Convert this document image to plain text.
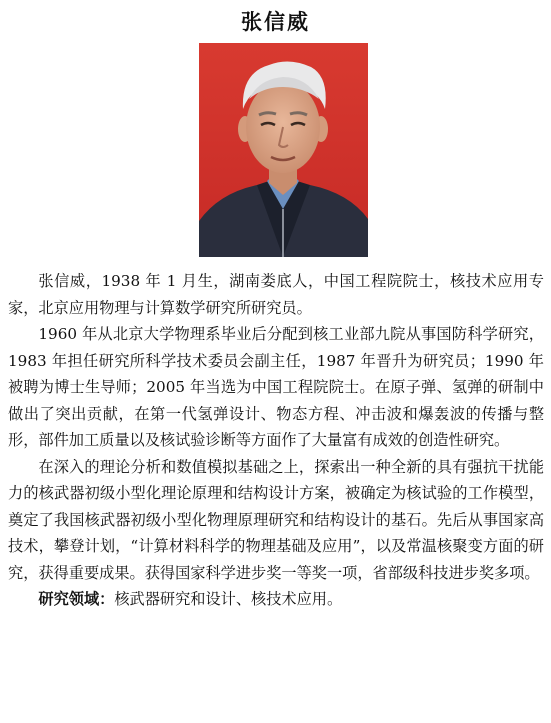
张信威

张信威，1938 年 1 月生，湖南娄底人，中国工程院院士，核技术应用专家，北京应用物理与计算数学研究所研究员。

1960 年从北京大学物理系毕业后分配到核工业部九院从事国防科学研究，1983 年担任研究所科学技术委员会副主任，1987 年晋升为研究员；1990 年被聘为博士生导师；2005 年当选为中国工程院院士。在原子弹、氢弹的研制中做出了突出贡献，在第一代氢弹设计、物态方程、冲击波和爆轰波的传播与整形，部件加工质量以及核试验诊断等方面作了大量富有成效的创造性研究。

在深入的理论分析和数值模拟基础之上，探索出一种全新的具有强抗干扰能力的核武器初级小型化理论原理和结构设计方案，被确定为核试验的工作模型，奠定了我国核武器初级小型化物理原理研究和结构设计的基石。先后从事国家高技术，攀登计划，“计算材料科学的物理基础及应用”，以及常温核聚变方面的研究，获得重要成果。获得国家科学进步奖一等奖一项，省部级科技进步奖多项。

研究领域：核武器研究和设计、核技术应用。
